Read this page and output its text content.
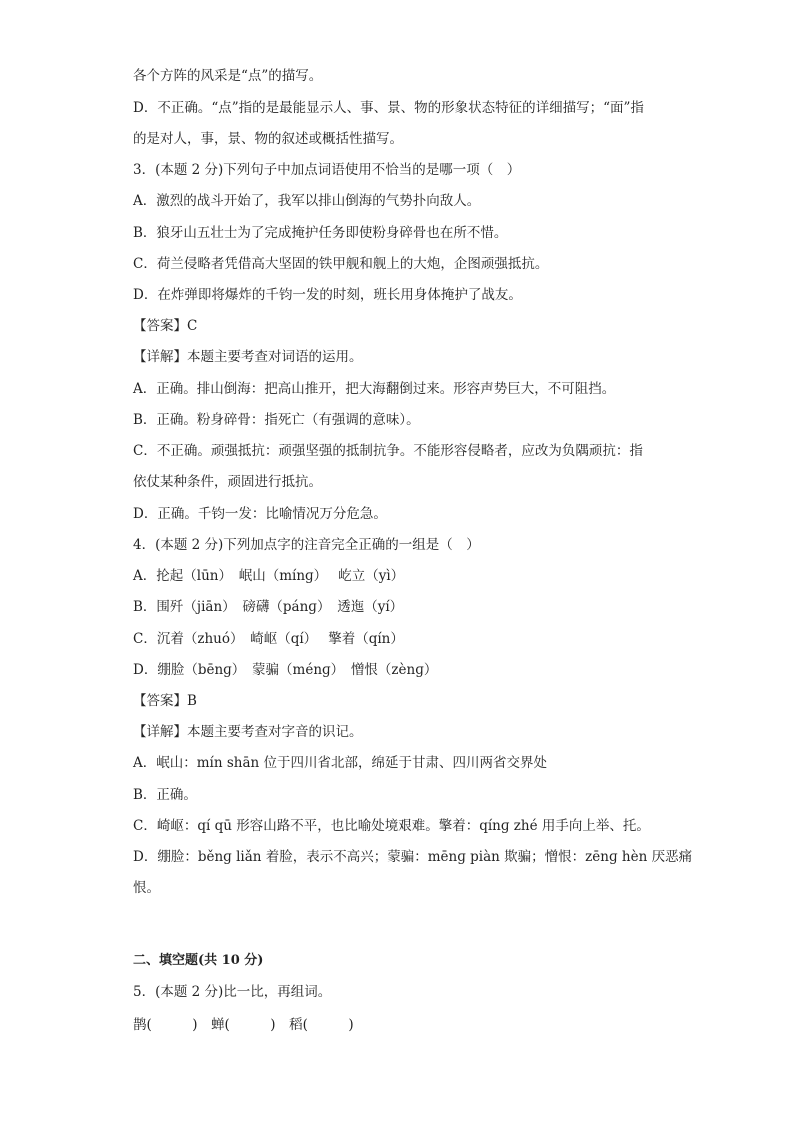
各个方阵的风采是“点”的描写。
D．不正确。“点”指的是最能显示人、事、景、物的形象状态特征的详细描写；“面”指
的是对人，事，景、物的叙述或概括性描写。
3．(本题 2 分)下列句子中加点词语使用不恰当的是哪一项（　）
A．激烈的战斗开始了，我军以排山倒海的气势扑向敌人。
B．狼牙山五壮士为了完成掩护任务即使粉身碎骨也在所不惜。
C．荷兰侵略者凭借高大坚固的铁甲舰和舰上的大炮，企图顽强抵抗。
D．在炸弹即将爆炸的千钧一发的时刻，班长用身体掩护了战友。
【答案】C
【详解】本题主要考查对词语的运用。
A．正确。排山倒海：把高山推开，把大海翻倒过来。形容声势巨大，不可阻挡。
B．正确。粉身碎骨：指死亡（有强调的意味）。
C．不正确。顽强抵抗：顽强坚强的抵制抗争。不能形容侵略者，应改为负隅顽抗：指
依仗某种条件，顽固进行抵抗。
D．正确。千钧一发：比喻情况万分危急。
4．(本题 2 分)下列加点字的注音完全正确的一组是（　）
A．抡起（lūn）　岷山（mínɡ）　 屹立（yì）
B．围歼（jiān）　磅礴（pánɡ）　透迤（yí）
C．沉着（zhuó）　崎岖（qí）　 擎着（qín）
D．绷脸（bēnɡ）　蒙骗（ménɡ）　憎恨（zènɡ）
【答案】B
【详解】本题主要考查对字音的识记。
A．岷山：mín shān 位于四川省北部，绵延于甘肃、四川两省交界处
B．正确。
C．崎岖：qí qū 形容山路不平，也比喻处境艰难。擎着：qínɡ zhé 用手向上举、托。
D．绷脸：běnɡ liǎn 着脸，表示不高兴；蒙骗：mēnɡ piàn 欺骗；憎恨：zēnɡ hèn 厌恶痛
恨。
二、填空题(共 10 分)
5．(本题 2 分)比一比，再组词。
鹊(　　　)　蝉(　　　)　稻(　　　)
